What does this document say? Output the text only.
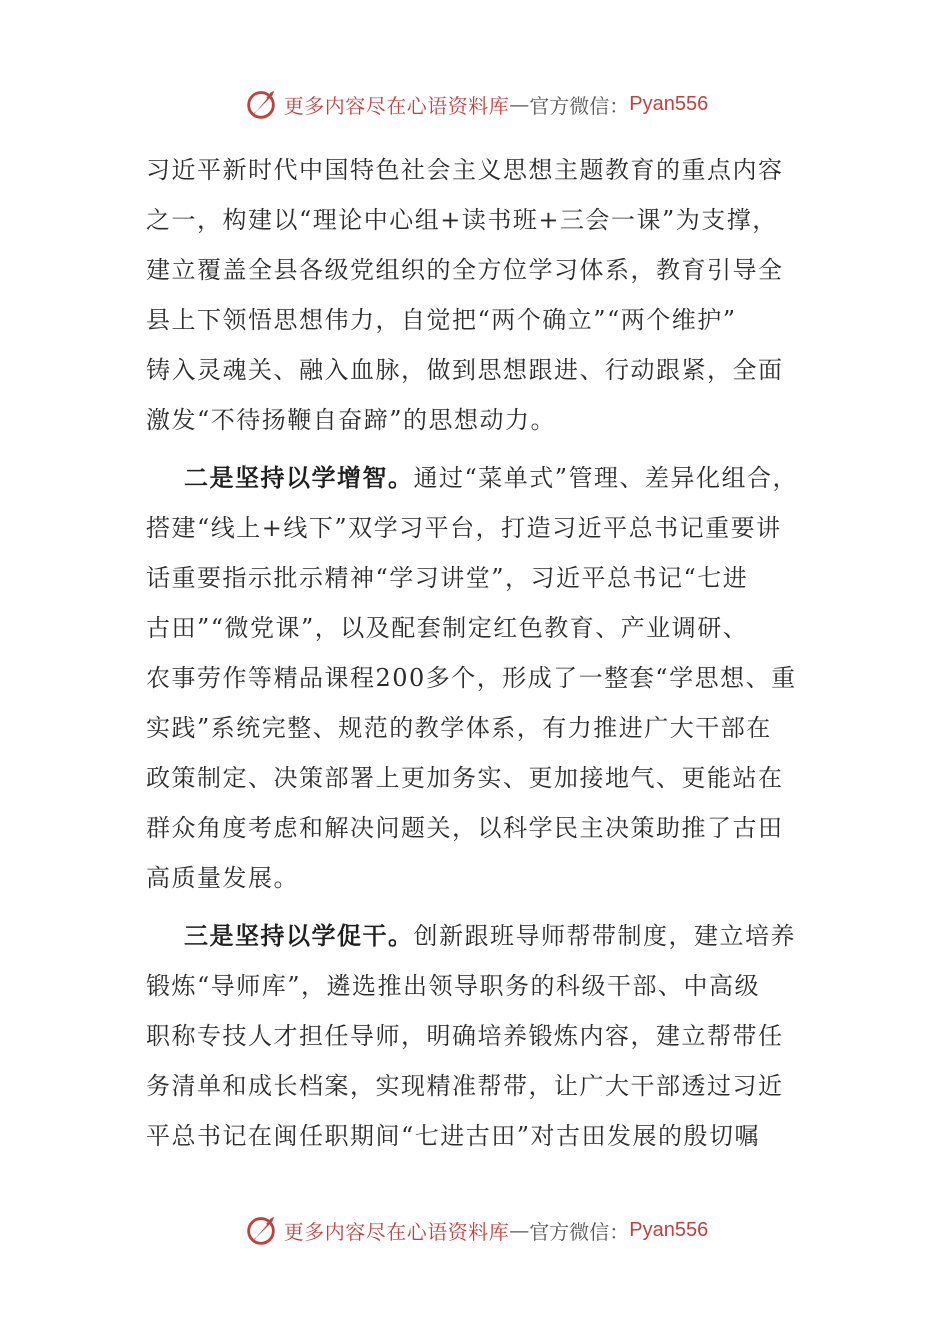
更多内容尽在心语资料库 — 官方微信： Pyan556
习近平新时代中国特色社会主义思想主题教育的重点内容
之一，构建以“理论中心组+读书班+三会一课”为支撑，
建立覆盖全县各级党组织的全方位学习体系，教育引导全
县上下领悟思想伟力，自觉把“两个确立”“两个维护”
铸入灵魂关、融入血脉，做到思想跟进、行动跟紧，全面
激发“不待扬鞭自奋蹄”的思想动力。
二是坚持以学增智。通过“菜单式”管理、差异化组合，
搭建“线上+线下”双学习平台，打造习近平总书记重要讲
话重要指示批示精神“学习讲堂”，习近平总书记“七进
古田”“微党课”，以及配套制定红色教育、产业调研、
农事劳作等精品课程200多个，形成了一整套“学思想、重
实践”系统完整、规范的教学体系，有力推进广大干部在
政策制定、决策部署上更加务实、更加接地气、更能站在
群众角度考虑和解决问题关，以科学民主决策助推了古田
高质量发展。
三是坚持以学促干。创新跟班导师帮带制度，建立培养
锻炼“导师库”，遴选推出领导职务的科级干部、中高级
职称专技人才担任导师，明确培养锻炼内容，建立帮带任
务清单和成长档案，实现精准帮带，让广大干部透过习近
平总书记在闽任职期间“七进古田”对古田发展的殷切嘱
更多内容尽在心语资料库 — 官方微信： Pyan556
